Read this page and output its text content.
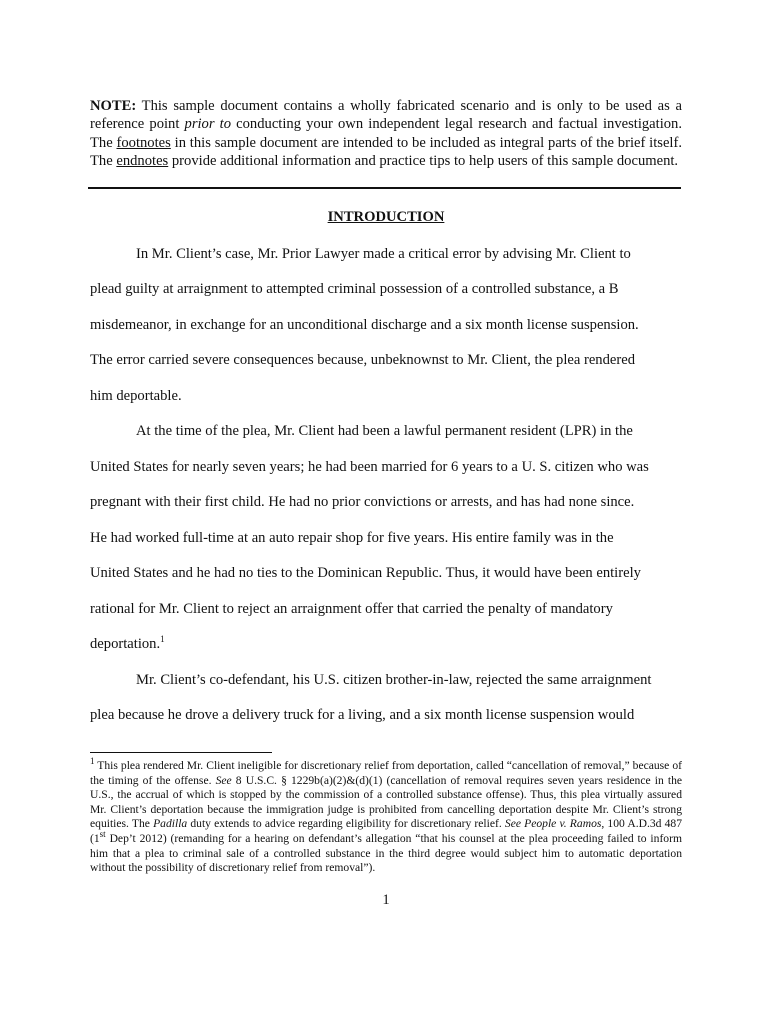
NOTE: This sample document contains a wholly fabricated scenario and is only to be used as a reference point prior to conducting your own independent legal research and factual investigation. The footnotes in this sample document are intended to be included as integral parts of the brief itself. The endnotes provide additional information and practice tips to help users of this sample document.
INTRODUCTION
In Mr. Client’s case, Mr. Prior Lawyer made a critical error by advising Mr. Client to
plead guilty at arraignment to attempted criminal possession of a controlled substance, a B
misdemeanor, in exchange for an unconditional discharge and a six month license suspension.
The error carried severe consequences because, unbeknownst to Mr. Client, the plea rendered
him deportable.
At the time of the plea, Mr. Client had been a lawful permanent resident (LPR) in the
United States for nearly seven years; he had been married for 6 years to a U. S. citizen who was
pregnant with their first child. He had no prior convictions or arrests, and has had none since.
He had worked full-time at an auto repair shop for five years. His entire family was in the
United States and he had no ties to the Dominican Republic. Thus, it would have been entirely
rational for Mr. Client to reject an arraignment offer that carried the penalty of mandatory
deportation.$^1$
Mr. Client’s co-defendant, his U.S. citizen brother-in-law, rejected the same arraignment
plea because he drove a delivery truck for a living, and a six month license suspension would
$^1$ This plea rendered Mr. Client ineligible for discretionary relief from deportation, called “cancellation of removal,” because of the timing of the offense. See 8 U.S.C. § 1229b(a)(2)&(d)(1) (cancellation of removal requires seven years residence in the U.S., the accrual of which is stopped by the commission of a controlled substance offense). Thus, this plea virtually assured Mr. Client’s deportation because the immigration judge is prohibited from cancelling deportation despite Mr. Client’s strong equities. The Padilla duty extends to advice regarding eligibility for discretionary relief. See People v. Ramos, 100 A.D.3d 487 (1st Dep’t 2012) (remanding for a hearing on defendant’s allegation “that his counsel at the plea proceeding failed to inform him that a plea to criminal sale of a controlled substance in the third degree would subject him to automatic deportation without the possibility of discretionary relief from removal”).
1
